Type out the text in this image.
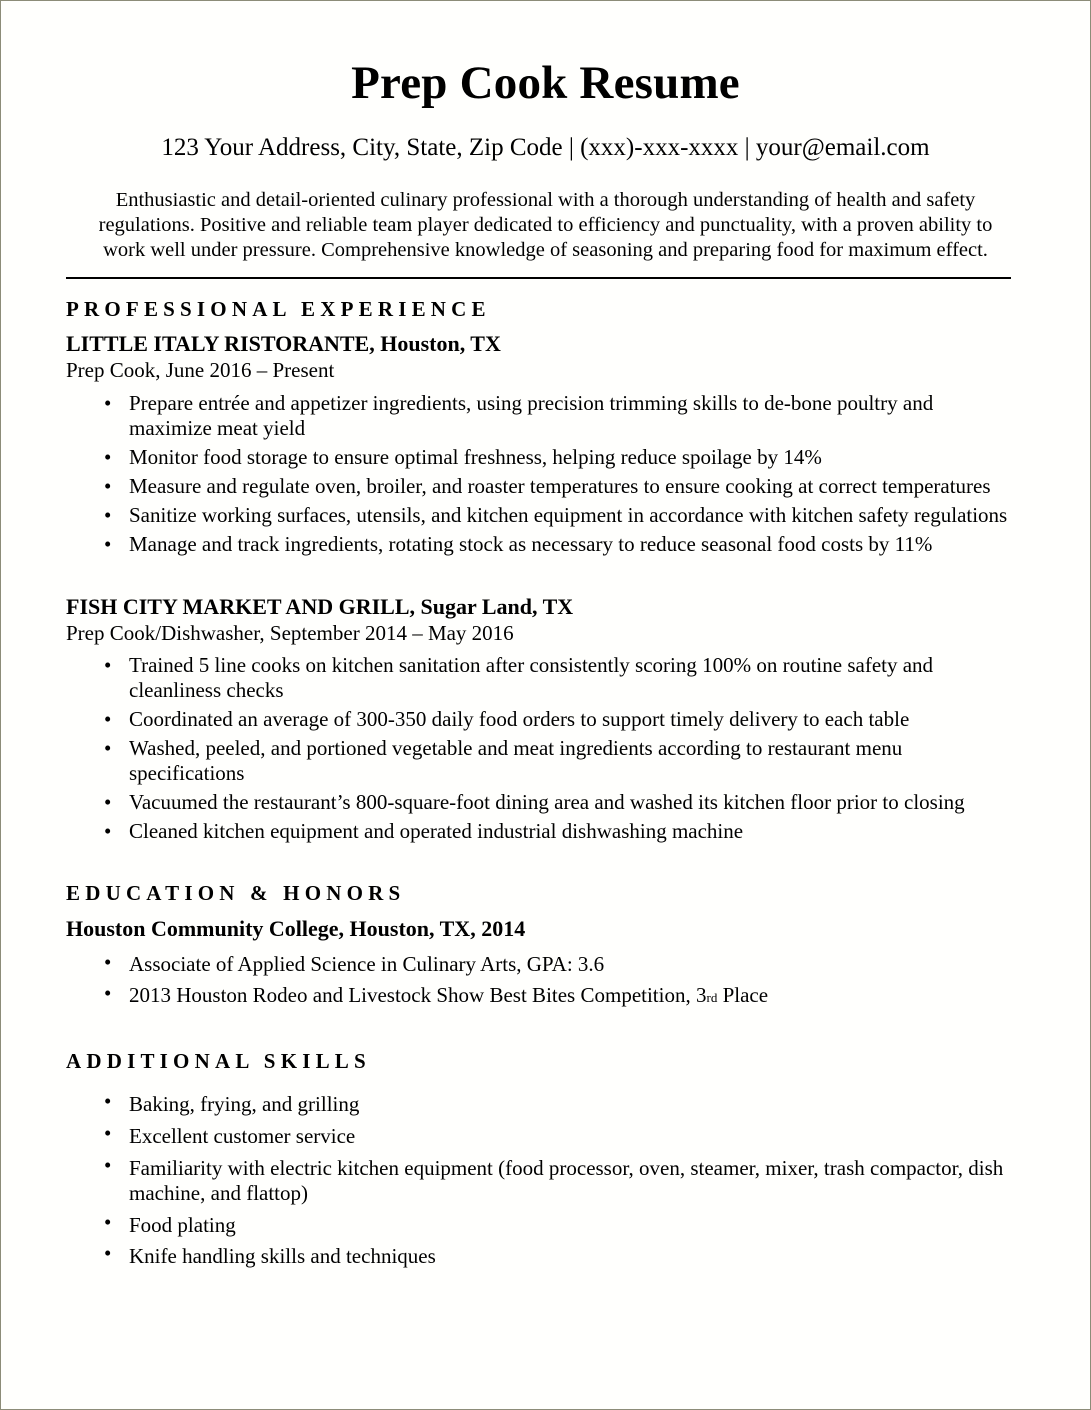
Prep Cook Resume

123 Your Address, City, State, Zip Code | (xxx)-xxx-xxxx | your@email.com

Enthusiastic and detail-oriented culinary professional with a thorough understanding of health and safety regulations. Positive and reliable team player dedicated to efficiency and punctuality, with a proven ability to work well under pressure. Comprehensive knowledge of seasoning and preparing food for maximum effect.

PROFESSIONAL EXPERIENCE
LITTLE ITALY RISTORANTE, Houston, TX
Prep Cook, June 2016 – Present
• Prepare entrée and appetizer ingredients, using precision trimming skills to de-bone poultry and maximize meat yield
• Monitor food storage to ensure optimal freshness, helping reduce spoilage by 14%
• Measure and regulate oven, broiler, and roaster temperatures to ensure cooking at correct temperatures
• Sanitize working surfaces, utensils, and kitchen equipment in accordance with kitchen safety regulations
• Manage and track ingredients, rotating stock as necessary to reduce seasonal food costs by 11%
FISH CITY MARKET AND GRILL, Sugar Land, TX
Prep Cook/Dishwasher, September 2014 – May 2016
• Trained 5 line cooks on kitchen sanitation after consistently scoring 100% on routine safety and cleanliness checks
• Coordinated an average of 300-350 daily food orders to support timely delivery to each table
• Washed, peeled, and portioned vegetable and meat ingredients according to restaurant menu specifications
• Vacuumed the restaurant’s 800-square-foot dining area and washed its kitchen floor prior to closing
• Cleaned kitchen equipment and operated industrial dishwashing machine
EDUCATION & HONORS
Houston Community College, Houston, TX, 2014
• Associate of Applied Science in Culinary Arts, GPA: 3.6
• 2013 Houston Rodeo and Livestock Show Best Bites Competition, 3rd Place
ADDITIONAL SKILLS
• Baking, frying, and grilling
• Excellent customer service
• Familiarity with electric kitchen equipment (food processor, oven, steamer, mixer, trash compactor, dish machine, and flattop)
• Food plating
• Knife handling skills and techniques
